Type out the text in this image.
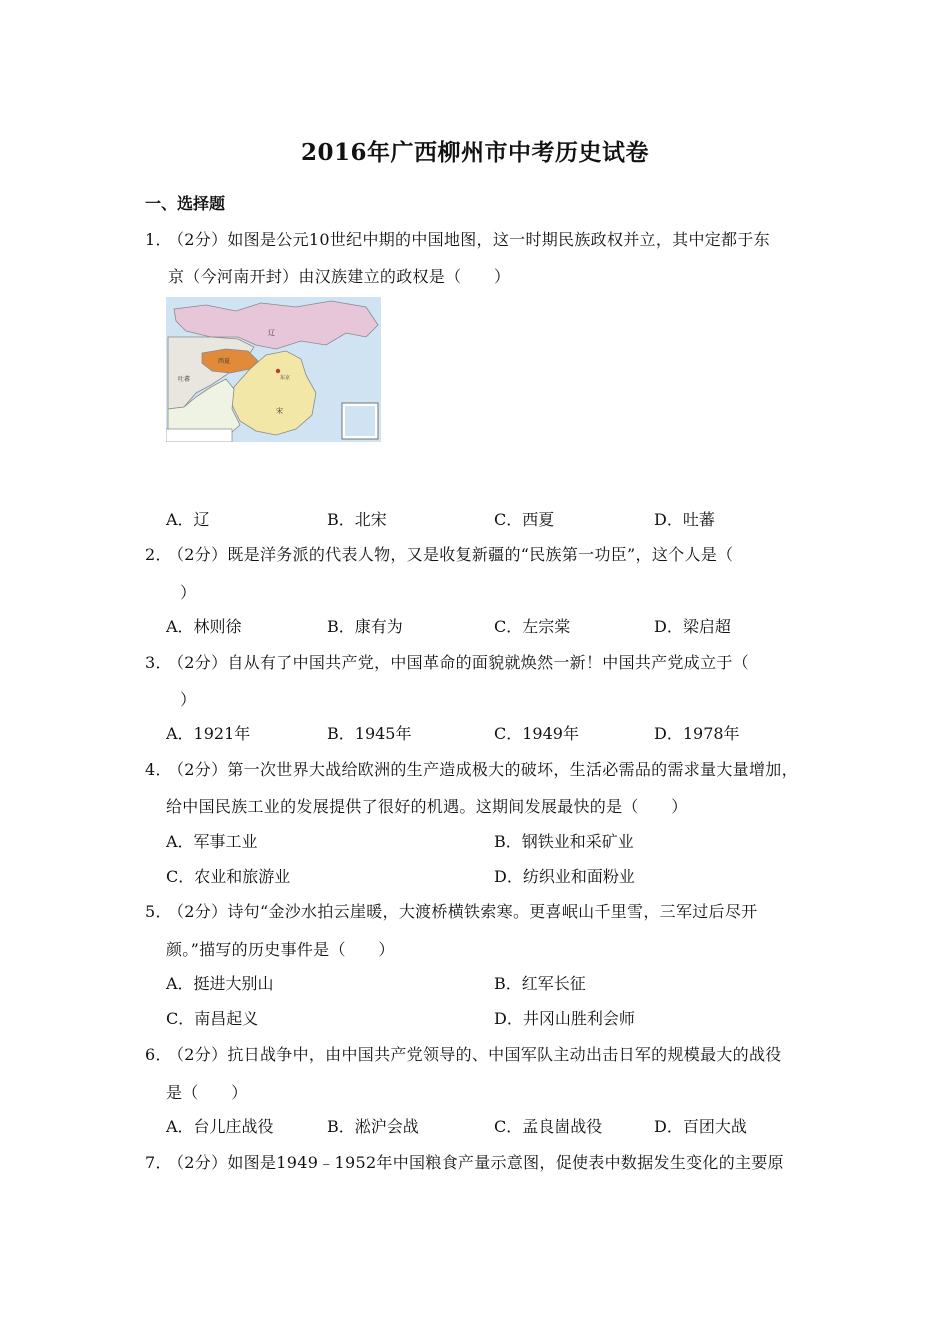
2016年广西柳州市中考历史试卷
一、选择题
1．
（2分）如图是公元10世纪中期的中国地图，这一时期民族政权并立，其中定都于东
京（今河南开封）由汉族建立的政权是（　　）
辽
宋
西夏
吐蕃	东京
A．辽	B．北宋	C．西夏	D．吐蕃
2．
（2分）既是洋务派的代表人物，又是收复新疆的“民族第一功臣”，这个人是（
）
A．林则徐	B．康有为	C．左宗棠	D．梁启超
3．
（2分）自从有了中国共产党，中国革命的面貌就焕然一新！中国共产党成立于（
）
A．1921年	B．1945年	C．1949年	D．1978年
4．
（2分）第一次世界大战给欧洲的生产造成极大的破坏，生活必需品的需求量大量增加，
给中国民族工业的发展提供了很好的机遇。这期间发展最快的是（　　）
A．军事工业	B．钢铁业和采矿业
C．农业和旅游业	D．纺织业和面粉业
5．
（2分）诗句“金沙水拍云崖暖，大渡桥横铁索寒。更喜岷山千里雪，三军过后尽开
颜。”描写的历史事件是（　　）
A．挺进大别山	B．红军长征
C．南昌起义	D．井冈山胜利会师
6．
（2分）抗日战争中，由中国共产党领导的、中国军队主动出击日军的规模最大的战役
是（　　）
A．台儿庄战役	B．淞沪会战	C．孟良崮战役	D．百团大战
7．
（2分）如图是1949﹣1952年中国粮食产量示意图，促使表中数据发生变化的主要原
